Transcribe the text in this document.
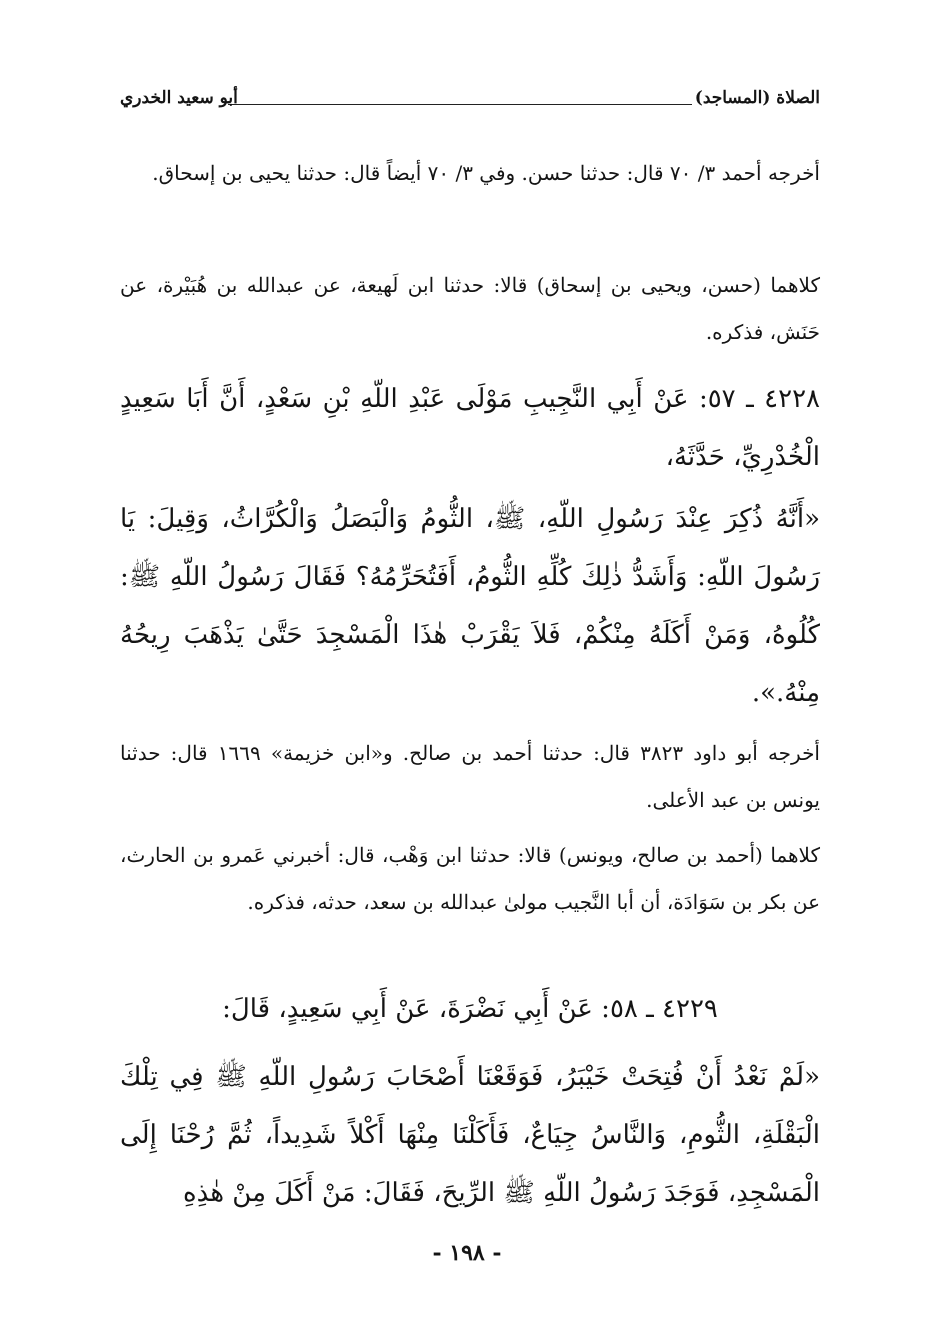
الصلاة (المساجد)
أبو سعيد الخدري

أخرجه أحمد ٣/ ٧٠ قال: حدثنا حسن. وفي ٣/ ٧٠ أيضاً قال: حدثنا يحيى بن إسحاق.

كلاهما (حسن، ويحيى بن إسحاق) قالا: حدثنا ابن لَهيعة، عن عبدالله بن هُبَيْرة، عن حَنَش، فذكره.

٤٢٢٨ ـ ٥٧: عَنْ أَبِي النَّجِيبِ مَوْلَى عَبْدِ اللّهِ بْنِ سَعْدٍ، أَنَّ أَبَا سَعِيدٍ الْخُدْرِيِّ، حَدَّثَهُ،

«أَنَّهُ ذُكِرَ عِنْدَ رَسُولِ اللّهِ، ﷺ، الثُّومُ وَالْبَصَلُ وَالْكُرَّاثُ، وَقِيلَ: يَا رَسُولَ اللّهِ: وَأَشَدُّ ذٰلِكَ كُلِّهِ الثُّومُ، أَفَتُحَرِّمُهُ؟ فَقَالَ رَسُولُ اللّهِ ﷺ: كُلُوهُ، وَمَنْ أَكَلَهُ مِنْكُمْ، فَلاَ يَقْرَبْ هٰذَا الْمَسْجِدَ حَتَّىٰ يَذْهَبَ رِيحُهُ مِنْهُ.».

أخرجه أبو داود ٣٨٢٣ قال: حدثنا أحمد بن صالح. و«ابن خزيمة» ١٦٦٩ قال: حدثنا يونس بن عبد الأعلى.

كلاهما (أحمد بن صالح، ويونس) قالا: حدثنا ابن وَهْب، قال: أخبرني عَمرو بن الحارث، عن بكر بن سَوَادَة، أن أبا النَّجيب مولىٰ عبدالله بن سعد، حدثه، فذكره.

٤٢٢٩ ـ ٥٨: عَنْ أَبِي نَضْرَةَ، عَنْ أَبِي سَعِيدٍ، قَالَ:

«لَمْ نَعْدُ أَنْ فُتِحَتْ خَيْبَرُ، فَوَقَعْنَا أَصْحَابَ رَسُولِ اللّهِ ﷺ فِي تِلْكَ الْبَقْلَةِ، الثُّومِ، وَالنَّاسُ جِيَاعٌ، فَأَكَلْنَا مِنْهَا أَكْلاً شَدِيداً، ثُمَّ رُحْنَا إِلَى الْمَسْجِدِ، فَوَجَدَ رَسُولُ اللّهِ ﷺ الرِّيحَ، فَقَالَ: مَنْ أَكَلَ مِنْ هٰذِهِ

- ١٩٨ -
